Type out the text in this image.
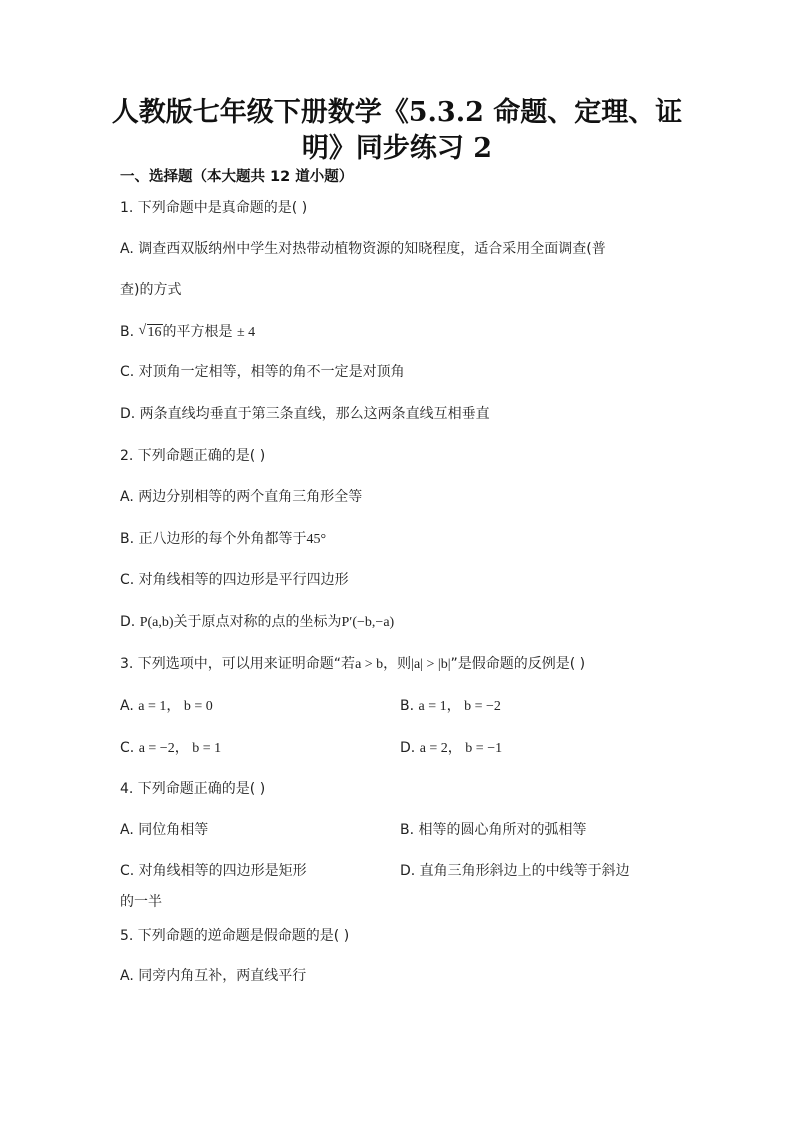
人教版七年级下册数学《5.3.2 命题、定理、证
明》同步练习 2
一、选择题（本大题共 12 道小题）
1. 下列命题中是真命题的是( )
A. 调查西双版纳州中学生对热带动植物资源的知晓程度，适合采用全面调查(普
查)的方式
B. √ 16的平方根是 ± 4
C. 对顶角一定相等，相等的角不一定是对顶角
D. 两条直线均垂直于第三条直线，那么这两条直线互相垂直
2. 下列命题正确的是( )
A. 两边分别相等的两个直角三角形全等
B. 正八边形的每个外角都等于45°
C. 对角线相等的四边形是平行四边形
D. P(a,b)关于原点对称的点的坐标为P′(−b,−a)
3. 下列选项中，可以用来证明命题“若a > b，则|a| > |b|”是假命题的反例是( )
A. a = 1， b = 0	B. a = 1， b = −2
C. a = −2， b = 1	D. a = 2， b = −1
4. 下列命题正确的是( )
A. 同位角相等	B. 相等的圆心角所对的弧相等
C. 对角线相等的四边形是矩形	D. 直角三角形斜边上的中线等于斜边
的一半
5. 下列命题的逆命题是假命题的是( )
A. 同旁内角互补，两直线平行
